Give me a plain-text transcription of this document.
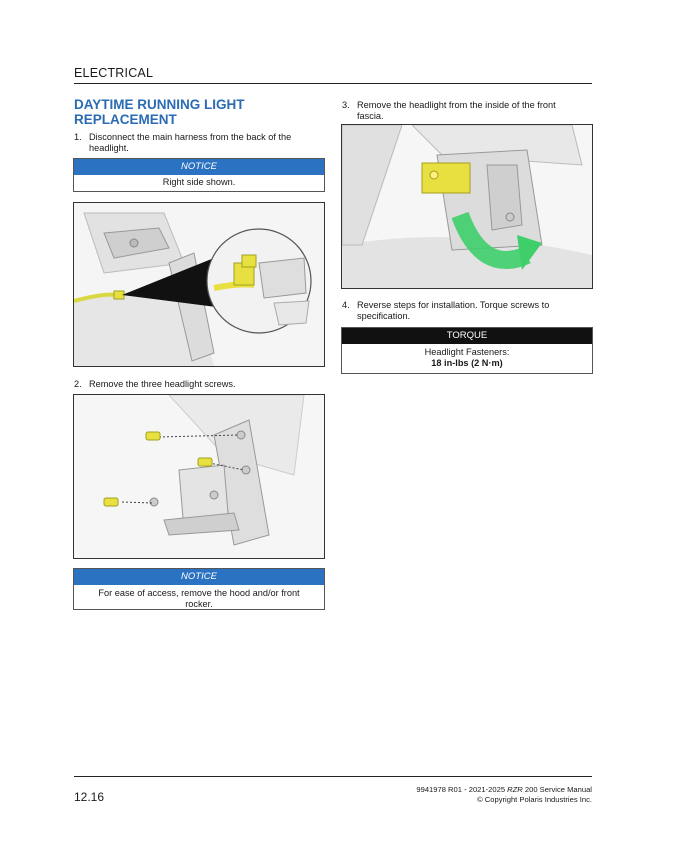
ELECTRICAL
DAYTIME RUNNING LIGHT
REPLACEMENT
1. Disconnect the main harness from the back of the headlight.
NOTICE
Right side shown.
2. Remove the three headlight screws.
NOTICE
For ease of access, remove the hood and/or front
rocker.
3. Remove the headlight from the inside of the front fascia.
4. Reverse steps for installation. Torque screws to specification.
TORQUE
Headlight Fasteners:
18 in-lbs (2 N·m)
12.16
9941978 R01 - 2021-2025 RZR 200 Service Manual
© Copyright Polaris Industries Inc.
